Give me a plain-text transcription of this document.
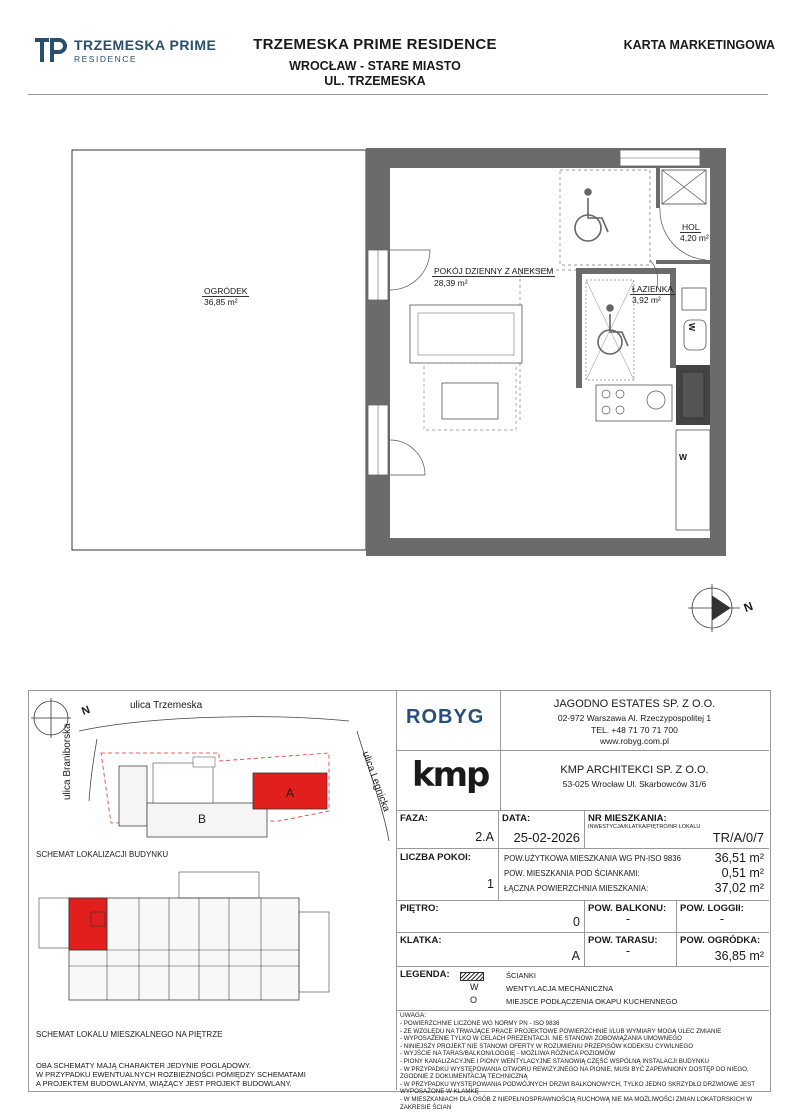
TRZEMESKA PRIME
RESIDENCE
TRZEMESKA PRIME RESIDENCE
WROCŁAW - STARE MIASTO
UL. TRZEMESKA
KARTA MARKETINGOWA
OGRÓDEK
36,85 m²
POKÓJ DZIENNY Z ANEKSEM
28,39 m²
HOL
4,20 m²
ŁAZIENKA
3,92 m²
W
W
N
ulica Trzemeska
N
ulica Braniborska	ulica Legnicka
A
B
SCHEMAT LOKALIZACJI BUDYNKU
SCHEMAT LOKALU MIESZKALNEGO NA PIĘTRZE
OBA SCHEMATY MAJĄ CHARAKTER JEDYNIE POGLĄDOWY.
W PRZYPADKU EWENTUALNYCH ROZBIEŻNOŚCI POMIĘDZY SCHEMATAMI
A PROJEKTEM BUDOWLANYM, WIĄŻĄCY JEST PROJEKT BUDOWLANY.
ROBYG
JAGODNO ESTATES SP. Z O.O.
02-972 Warszawa Al. Rzeczypospolitej 1
TEL. +48 71 70 71 700
www.robyg.com.pl
kmp	KMP ARCHITEKCI SP. Z O.O.
53-025 Wrocław Ul. Skarbowców 31/6
FAZA:
2.A
DATA:
25-02-2026
NR MIESZKANIA:
INWESTYCJA/KLATKA/PIĘTRO/NR LOKALU
TR/A/0/7
LICZBA POKOI:
1
POW.UŻYTKOWA MIESZKANIA WG PN-ISO 9836	36,51 m²
POW. MIESZKANIA POD ŚCIANKAMI:	0,51 m²
ŁĄCZNA POWIERZCHNIA MIESZKANIA:	37,02 m²
PIĘTRO:
0
POW. BALKONU:
-
POW. LOGGII:
-
KLATKA:
A
POW. TARASU:
-
POW. OGRÓDKA:
36,85 m²
LEGENDA:	ŚCIANKI
W	WENTYLACJA MECHANICZNA
O	MIEJSCE PODŁĄCZENIA OKAPU KUCHENNEGO
UWAGA:
- POWIERZCHNIE LICZONE WG NORMY PN - ISO 9836
- ZE WZGLĘDU NA TRWAJĄCE PRACE PROJEKTOWE POWIERZCHNIE I/LUB WYMIARY MOGĄ ULEC ZMIANIE
- WYPOSAŻENIE TYLKO W CELACH PREZENTACJI. NIE STANOWI ZOBOWIĄZANIA UMOWNEGO
- NINIEJSZY PROJEKT NIE STANOWI OFERTY W ROZUMIENIU PRZEPISÓW KODEKSU CYWILNEGO
- WYJŚCIE NA TARAS/BALKON/LOGGIĘ - MOŻLIWA RÓŻNICA POZIOMÓW
- PIONY KANALIZACYJNE I PIONY WENTYLACYJNE STANOWIĄ CZĘŚĆ WSPÓLNĄ INSTALACJI BUDYNKU
- W PRZYPADKU WYSTĘPOWANIA OTWORU REWIZYJNEGO NA PIONIE, MUSI BYĆ ZAPEWNIONY DOSTĘP DO NIEGO,
ZGODNIE Z DOKUMENTACJĄ TECHNICZNĄ
- W PRZYPADKU WYSTĘPOWANIA PODWÓJNYCH DRZWI BALKONOWYCH, TYLKO JEDNO SKRZYDŁO DRZWIOWE JEST
WYPOSAŻONE W KLAMKĘ
- W MIESZKANIACH DLA OSÓB Z NIEPEŁNOSPRAWNOŚCIĄ RUCHOWĄ NIE MA MOŻLIWOŚCI ZMIAN LOKATORSKICH W ZAKRESIE ŚCIAN
